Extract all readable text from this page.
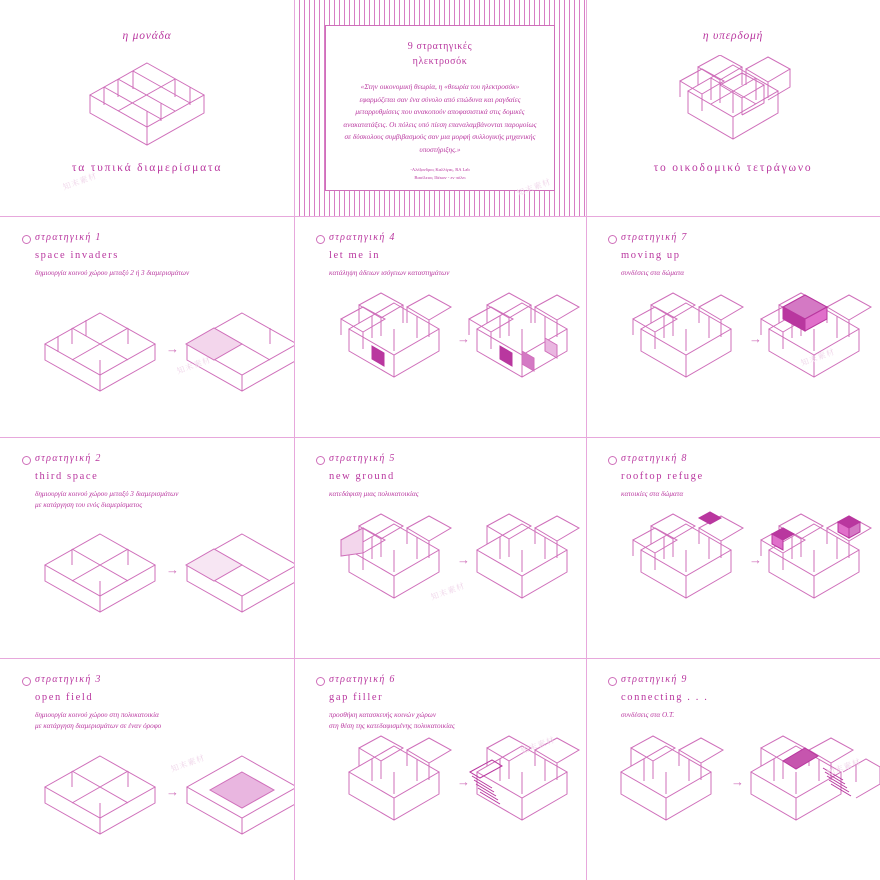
η μονάδα
τα τυπικά διαμερίσματα
9 στρατηγικές
ηλεκτροσόκ
«Στην οικονομική θεωρία, η «θεωρία του ηλεκτροσόκ» εφαρμόζεται σαν ένα σύνολο από επώδυνα και ραγδαίες μεταρρυθμίσεις που ανακοπούν αποφασιστικά στις δομικές ανακατατάξεις. Οι πόλεις υπό πίεση επαναλαμβάνονται παρομοίως σε δύσκολους συμβιβασμούς σαν μια μορφή συλλογικής μηχανικής υποστήριξης.»
-Αλέξανδρος Καλλίγας, RA Lab
Βασίλειος Ιδέκαν - εν πόλει
η υπερδομή
το οικοδομικό τετράγωνο
στρατηγική 1
space invaders
δημιουργία κοινού χώρου μεταξύ 2 ή 3 διαμερισμάτων
→
στρατηγική 2
third space
δημιουργία κοινού χώρου μεταξύ 3 διαμερισμάτων
με κατάργηση του ενός διαμερίσματος
→
στρατηγική 3
open field
δημιουργία κοινού χώρου στη πολυκατοικία
με κατάργηση διαμερισμάτων σε έναν όροφο
→
στρατηγική 4
let me in
κατάληψη άδειων ισόγειων καταστημάτων
→
στρατηγική 5
new ground
κατεδάφιση μιας πολυκατοικίας
→
στρατηγική 6
gap filler
προσθήκη κατασκευής κοινών χώρων
στη θέση της κατεδαφισμένης πολυκατοικίας
→
στρατηγική 7
moving up
συνδέσεις στα δώματα
→
στρατηγική 8
rooftop refuge
κατοικίες στα δώματα
→
στρατηγική 9
connecting . . .
συνδέσεις στα Ο.Τ.
→
知末素材	知末素材
知末素材	知末素材
知末素材
知末素材
知末素材
知末素材
